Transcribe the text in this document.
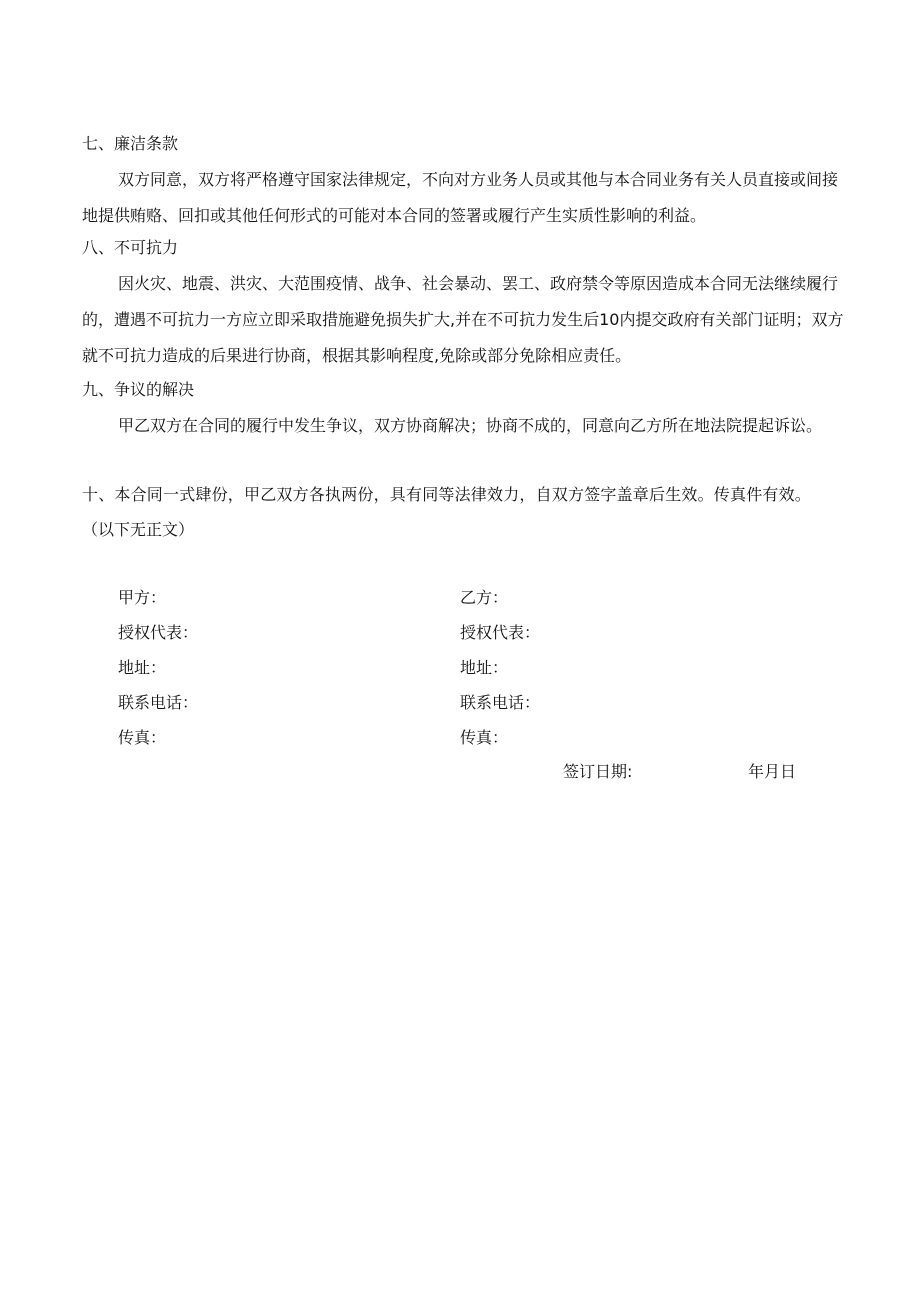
七、廉洁条款
双方同意，双方将严格遵守国家法律规定，不向对方业务人员或其他与本合同业务有关人员直接或间接地提供贿赂、回扣或其他任何形式的可能对本合同的签署或履行产生实质性影响的利益。
八、不可抗力
因火灾、地震、洪灾、大范围疫情、战争、社会暴动、罢工、政府禁令等原因造成本合同无法继续履行的，遭遇不可抗力一方应立即采取措施避免损失扩大,并在不可抗力发生后10内提交政府有关部门证明；双方就不可抗力造成的后果进行协商，根据其影响程度,免除或部分免除相应责任。
九、争议的解决
甲乙双方在合同的履行中发生争议，双方协商解决；协商不成的，同意向乙方所在地法院提起诉讼。
十、本合同一式肆份，甲乙双方各执两份，具有同等法律效力，自双方签字盖章后生效。传真件有效。
（以下无正文）
甲方：	乙方：
授权代表：	授权代表：
地址：	地址：
联系电话：	联系电话：
传真：	传真：
签订日期:	年月日
